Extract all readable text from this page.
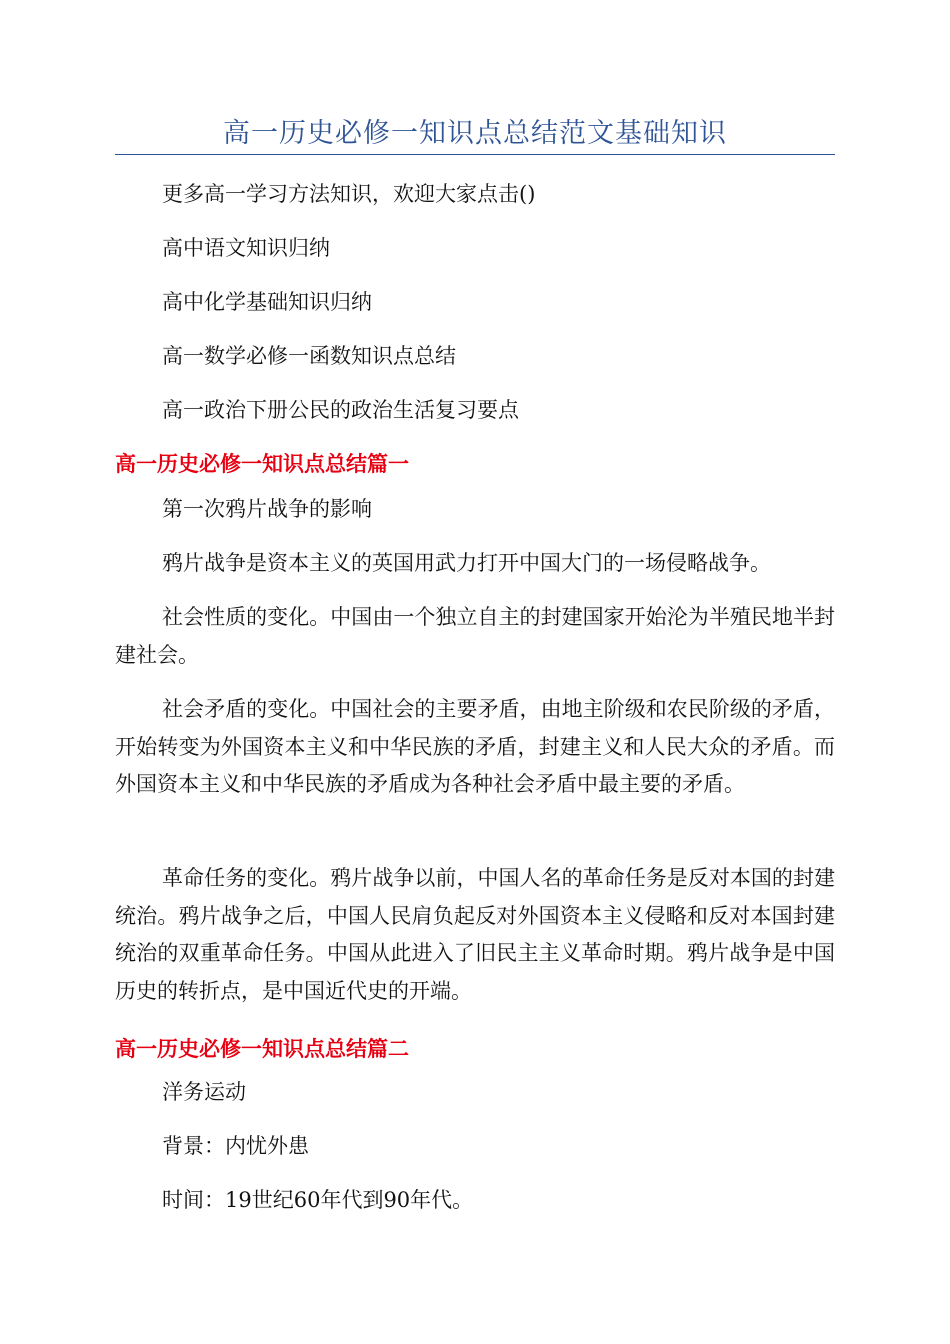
高一历史必修一知识点总结范文基础知识

更多高一学习方法知识，欢迎大家点击()

高中语文知识归纳

高中化学基础知识归纳

高一数学必修一函数知识点总结

高一政治下册公民的政治生活复习要点

高一历史必修一知识点总结篇一

第一次鸦片战争的影响

鸦片战争是资本主义的英国用武力打开中国大门的一场侵略战争。

社会性质的变化。中国由一个独立自主的封建国家开始沦为半殖民地半封建社会。

社会矛盾的变化。中国社会的主要矛盾，由地主阶级和农民阶级的矛盾，开始转变为外国资本主义和中华民族的矛盾，封建主义和人民大众的矛盾。而外国资本主义和中华民族的矛盾成为各种社会矛盾中最主要的矛盾。

革命任务的变化。鸦片战争以前，中国人名的革命任务是反对本国的封建统治。鸦片战争之后，中国人民肩负起反对外国资本主义侵略和反对本国封建统治的双重革命任务。中国从此进入了旧民主主义革命时期。鸦片战争是中国历史的转折点，是中国近代史的开端。

高一历史必修一知识点总结篇二

洋务运动

背景：内忧外患

时间：19世纪60年代到90年代。
